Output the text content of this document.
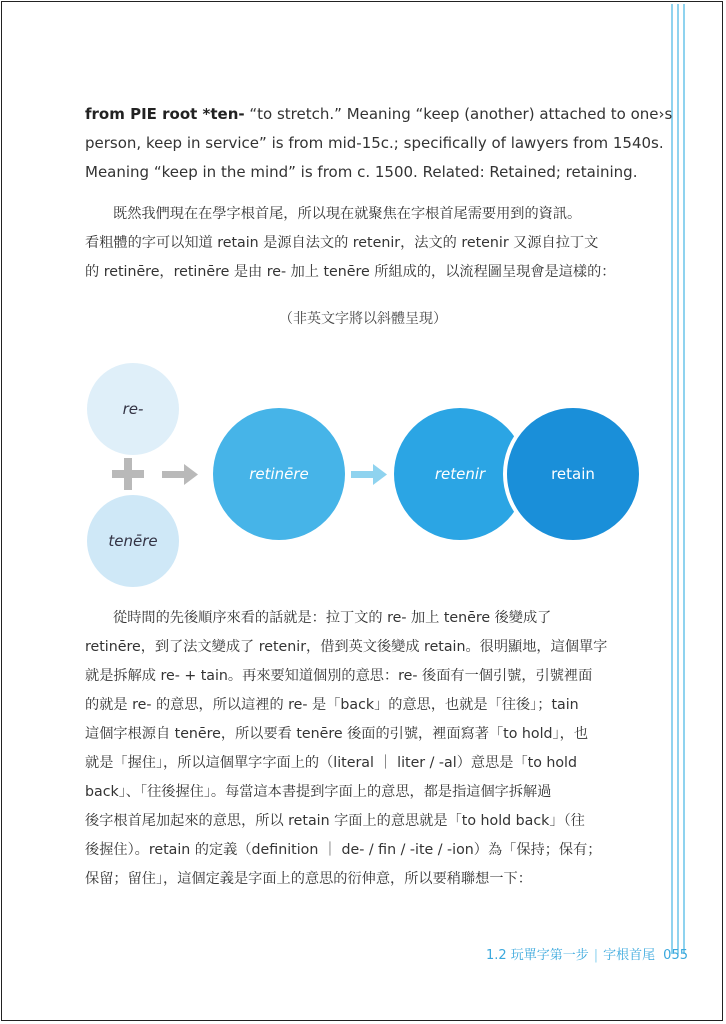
from PIE root *ten- “to stretch.” Meaning “keep (another) attached to one›s

person, keep in service” is from mid-15c.; specifically of lawyers from 1540s.

Meaning “keep in the mind” is from c. 1500. Related: Retained; retaining.

既然我們現在在學字根首尾，所以現在就聚焦在字根首尾需要用到的資訊。

看粗體的字可以知道 retain 是源自法文的 retenir，法文的 retenir 又源自拉丁文

的 retinēre，retinēre 是由 re- 加上 tenēre 所組成的，以流程圖呈現會是這樣的：

（非英文字將以斜體呈現）
re-
tenēre
retinēre	retenir	retain

從時間的先後順序來看的話就是：拉丁文的 re- 加上 tenēre 後變成了

retinēre，到了法文變成了 retenir，借到英文後變成 retain。很明顯地，這個單字

就是拆解成 re- + tain。再來要知道個別的意思：re- 後面有一個引號，引號裡面

的就是 re- 的意思，所以這裡的 re- 是「back」的意思，也就是「往後」；tain

這個字根源自 tenēre，所以要看 tenēre 後面的引號，裡面寫著「to hold」，也

就是「握住」，所以這個單字字面上的（literal ｜ liter / -al）意思是「to hold

back」、「往後握住」。每當這本書提到字面上的意思，都是指這個字拆解過

後字根首尾加起來的意思，所以 retain 字面上的意思就是「to hold back」（往

後握住）。retain 的定義（definition ｜ de- / fin / -ite / -ion）為「保持；保有；

保留；留住」，這個定義是字面上的意思的衍伸意，所以要稍聯想一下：

1.2 玩單字第一步 | 字根首尾 055
